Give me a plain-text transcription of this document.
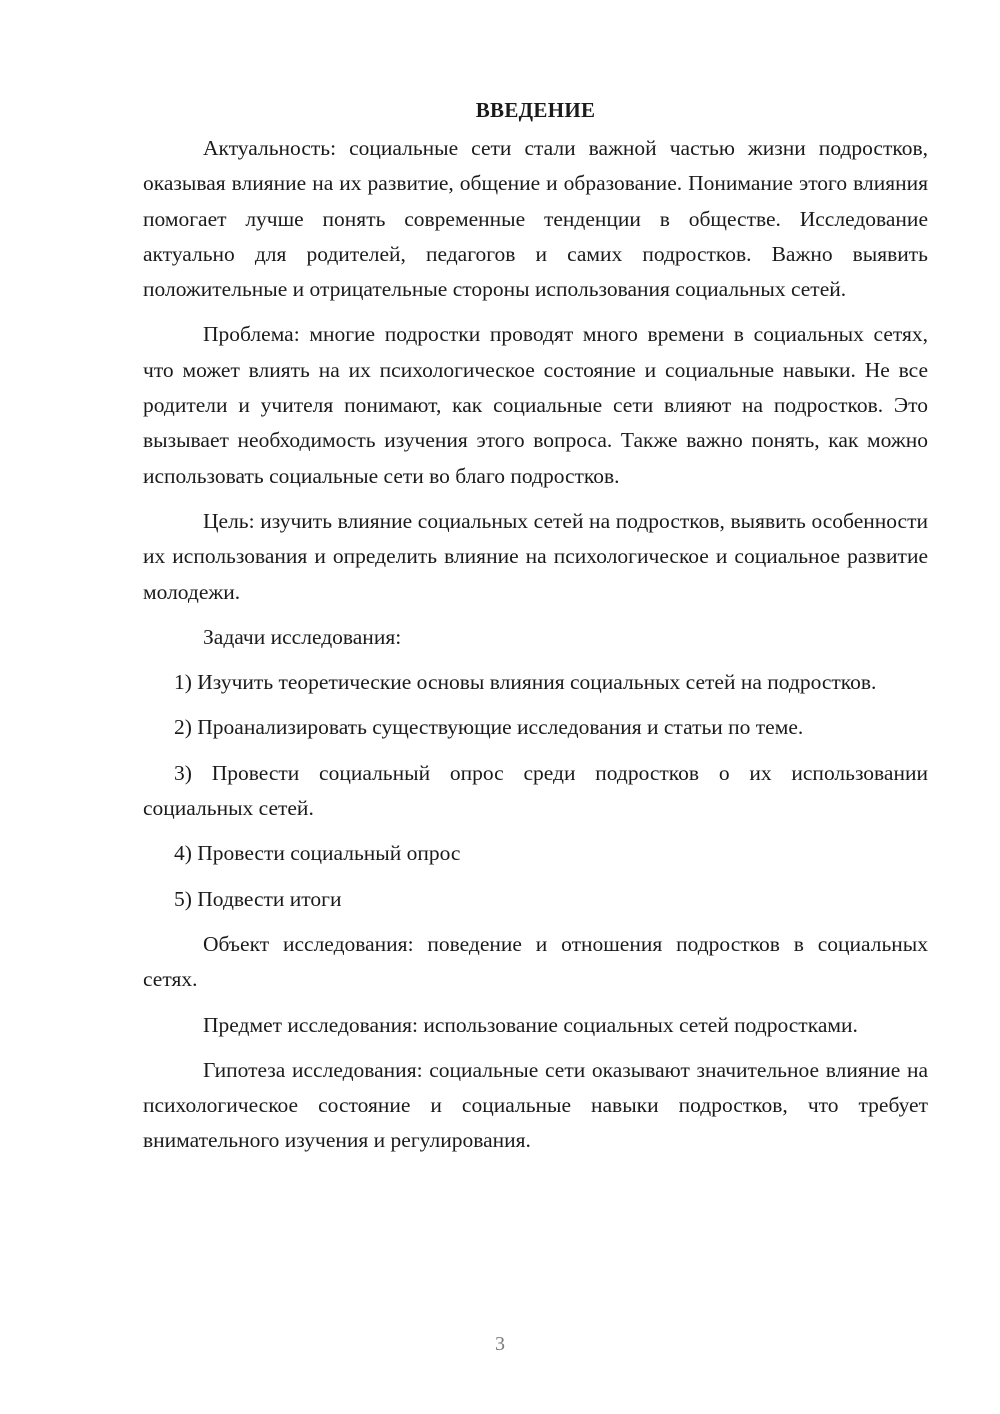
ВВЕДЕНИЕ

Актуальность: социальные сети стали важной частью жизни подростков, оказывая влияние на их развитие, общение и образование. Понимание этого влияния помогает лучше понять современные тенденции в обществе. Исследование актуально для родителей, педагогов и самих подростков. Важно выявить положительные и отрицательные стороны использования социальных сетей.

Проблема: многие подростки проводят много времени в социальных сетях, что может влиять на их психологическое состояние и социальные навыки. Не все родители и учителя понимают, как социальные сети влияют на подростков. Это вызывает необходимость изучения этого вопроса. Также важно понять, как можно использовать социальные сети во благо подростков.

Цель: изучить влияние социальных сетей на подростков, выявить особенности их использования и определить влияние на психологическое и социальное развитие молодежи.

Задачи исследования:

1) Изучить теоретические основы влияния социальных сетей на подростков.

2) Проанализировать существующие исследования и статьи по теме.

3) Провести социальный опрос среди подростков о их использовании социальных сетей.

4) Провести социальный опрос

5) Подвести итоги

Объект исследования: поведение и отношения подростков в социальных сетях.

Предмет исследования: использование социальных сетей подростками.

Гипотеза исследования: социальные сети оказывают значительное влияние на психологическое состояние и социальные навыки подростков, что требует внимательного изучения и регулирования.

3
